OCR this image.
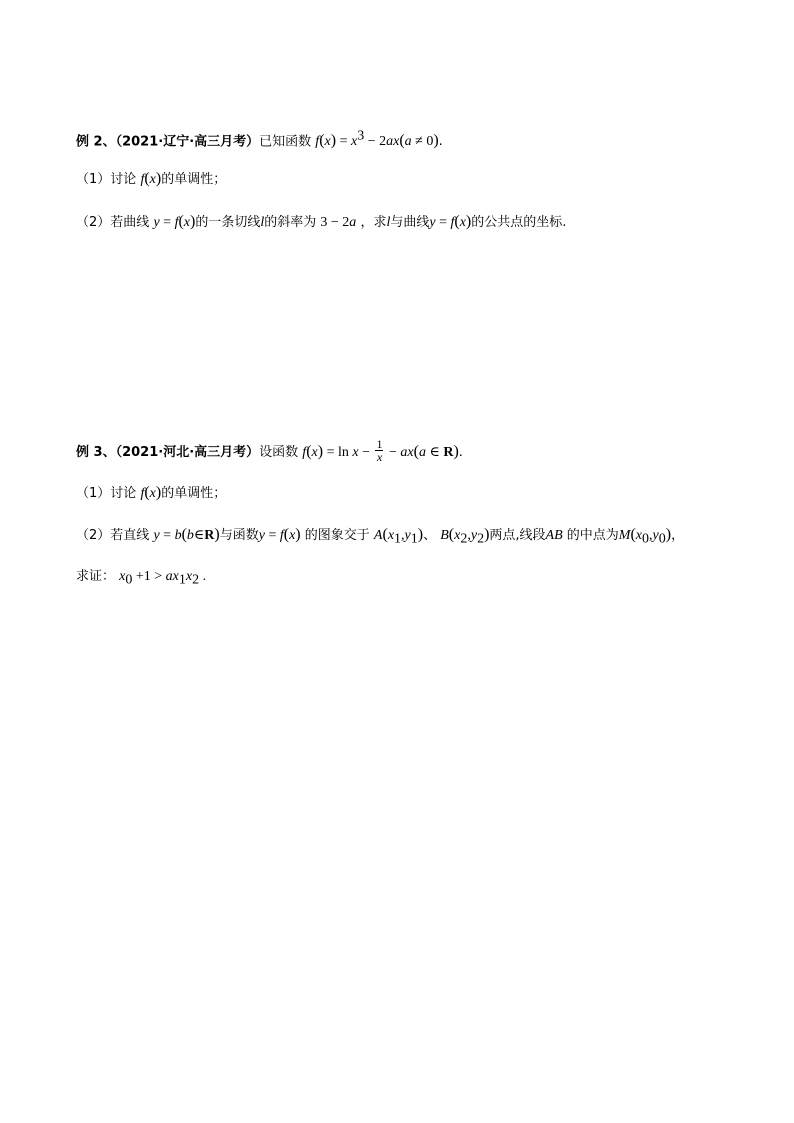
例 2、（2021·辽宁·高三月考）已知函数 $f(x) = x^3 - 2ax(a \ne 0)$.
（1）讨论 f(x)的单调性；
（2）若曲线 y = f(x)的一条切线l的斜率为 3 − 2a ，求l与曲线y = f(x)的公共点的坐标.
例 3、（2021·河北·高三月考）设函数 $f(x) = \ln x - \frac{1}{x} - ax(a$ ∈ R).
（1）讨论 f(x)的单调性；
（2）若直线 y = b(b∈R)与函数y = f(x) 的图象交于 $A(x_1,y_1)$、 $B(x_2,y_2)$两点,线段AB 的中点为$M(x_0,y_0)$，
求证： $x_0 +1 > ax_1x_2$ .
